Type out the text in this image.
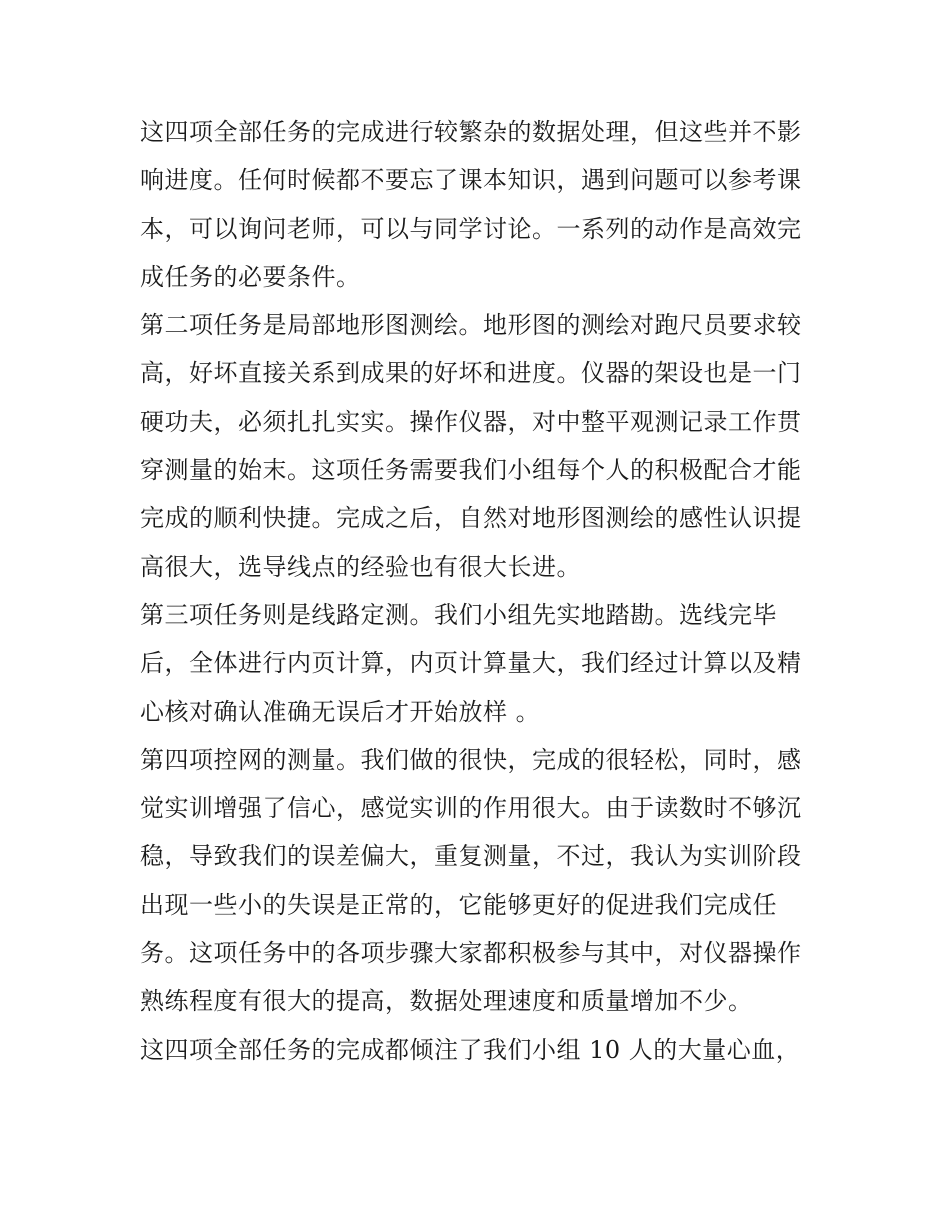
这四项全部任务的完成进行较繁杂的数据处理，但这些并不影
响进度。任何时候都不要忘了课本知识，遇到问题可以参考课
本，可以询问老师，可以与同学讨论。一系列的动作是高效完
成任务的必要条件。
第二项任务是局部地形图测绘。地形图的测绘对跑尺员要求较
高，好坏直接关系到成果的好坏和进度。仪器的架设也是一门
硬功夫，必须扎扎实实。操作仪器，对中整平观测记录工作贯
穿测量的始末。这项任务需要我们小组每个人的积极配合才能
完成的顺利快捷。完成之后，自然对地形图测绘的感性认识提
高很大，选导线点的经验也有很大长进。
第三项任务则是线路定测。我们小组先实地踏勘。选线完毕
后，全体进行内页计算，内页计算量大，我们经过计算以及精
心核对确认准确无误后才开始放样 。
第四项控网的测量。我们做的很快，完成的很轻松，同时，感
觉实训增强了信心，感觉实训的作用很大。由于读数时不够沉
稳，导致我们的误差偏大，重复测量，不过，我认为实训阶段
出现一些小的失误是正常的，它能够更好的促进我们完成任
务。这项任务中的各项步骤大家都积极参与其中，对仪器操作
熟练程度有很大的提高，数据处理速度和质量增加不少。
这四项全部任务的完成都倾注了我们小组 10 人的大量心血，
